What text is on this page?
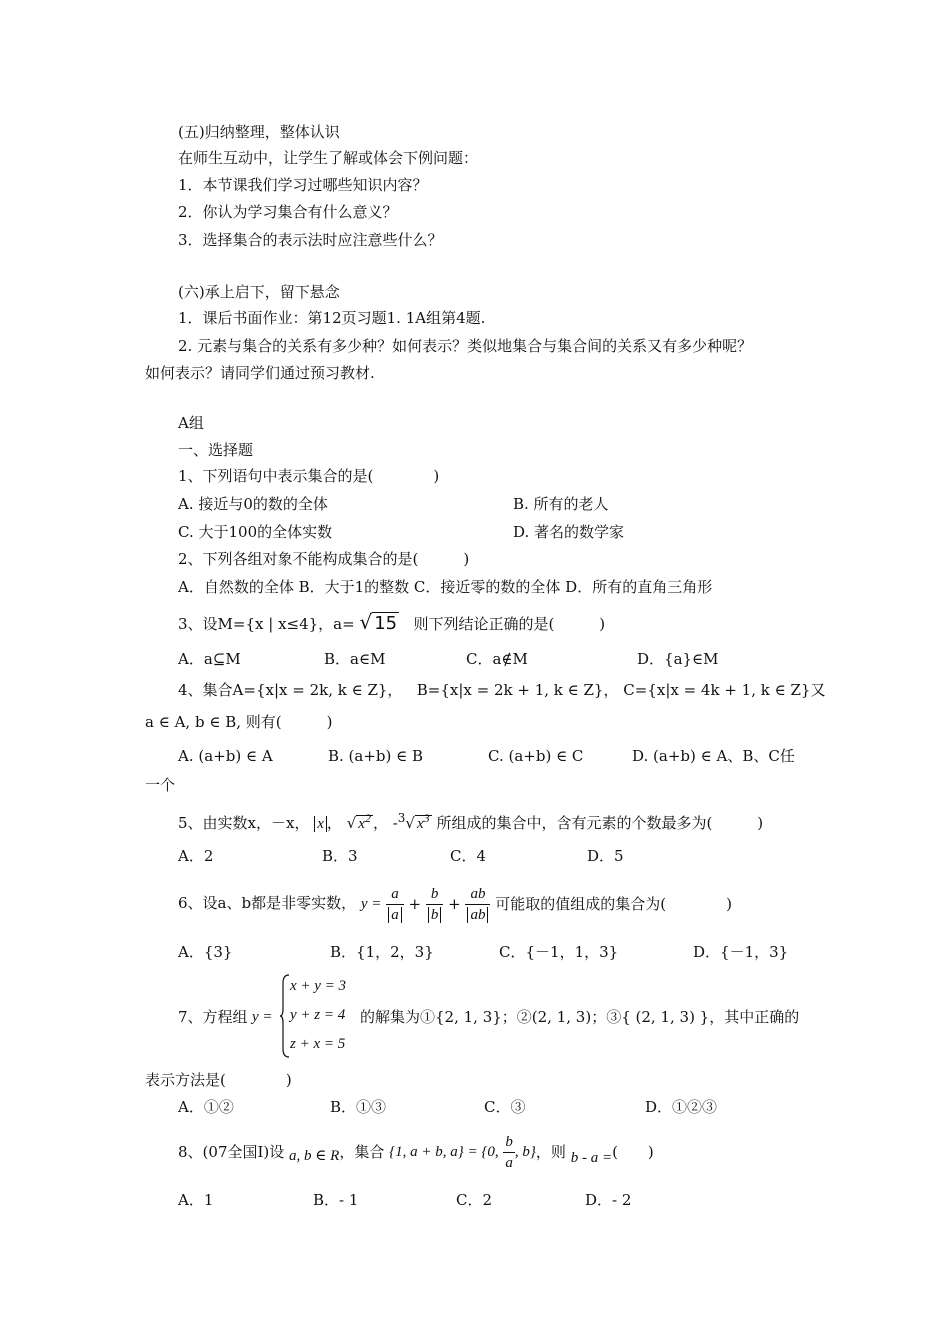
(五)归纳整理，整体认识
在师生互动中，让学生了解或体会下例问题：
1．本节课我们学习过哪些知识内容？
2．你认为学习集合有什么意义？
3．选择集合的表示法时应注意些什么？
(六)承上启下，留下悬念
1．课后书面作业：第12页习题1. 1A组第4题.
2. 元素与集合的关系有多少种？如何表示？类似地集合与集合间的关系又有多少种呢？
如何表示？请同学们通过预习教材.
A组
一、选择题
1、下列语句中表示集合的是(　　　　)
A. 接近与0的数的全体	B. 所有的老人
C. 大于100的全体实数	D. 著名的数学家
2、下列各组对象不能构成集合的是(　　　)
A．自然数的全体 B．大于1的整数 C．接近零的数的全体 D．所有的直角三角形
3、设M={x | x≤4}，a= √ 15 则下列结论正确的是(　　　)
A．a⊆M	B．a∈M	C．a∉M	D．{a}∈M
4、集合A={x|x = 2k, k ∈ Z}， B={x|x = 2k + 1, k ∈ Z}， C={x|x = 4k + 1, k ∈ Z}又
a ∈ A, b ∈ B, 则有(　　　)
A. (a+b) ∈ A	B. (a+b) ∈ B	C. (a+b) ∈ C	D. (a+b) ∈ A、B、C任
一个
5、由实数x，－x， x ， √ $x^2$ ， -$^3$√ $x^3$ 所组成的集合中，含有元素的个数最多为(　　　)
A．2	B．3	C．4	D．5
6、设a、b都是非零实数， $y = \frac{a}{a} + \frac{b}{b} + \frac{ab}{ab}$ 可能取的值组成的集合为(　　　　)
A．{3}	B．{1，2，3}	C．{－1，1，3}	D．{－1，3}
7、方程组 y =
x + y = 3
y + z = 4
z + x = 5
的解集为①{2, 1, 3}；②(2, 1, 3)；③{ (2, 1, 3) }，其中正确的
表示方法是(　　　　)
A．①②	B．①③	C．③	D．①②③
8、(07全国Ⅰ)设 a, b ∈ R，集合 {1, a + b, a} = {0, $\frac{b}{a}$ , b}，则 b - a =(　　)
A．1	B．- 1	C．2	D．- 2
